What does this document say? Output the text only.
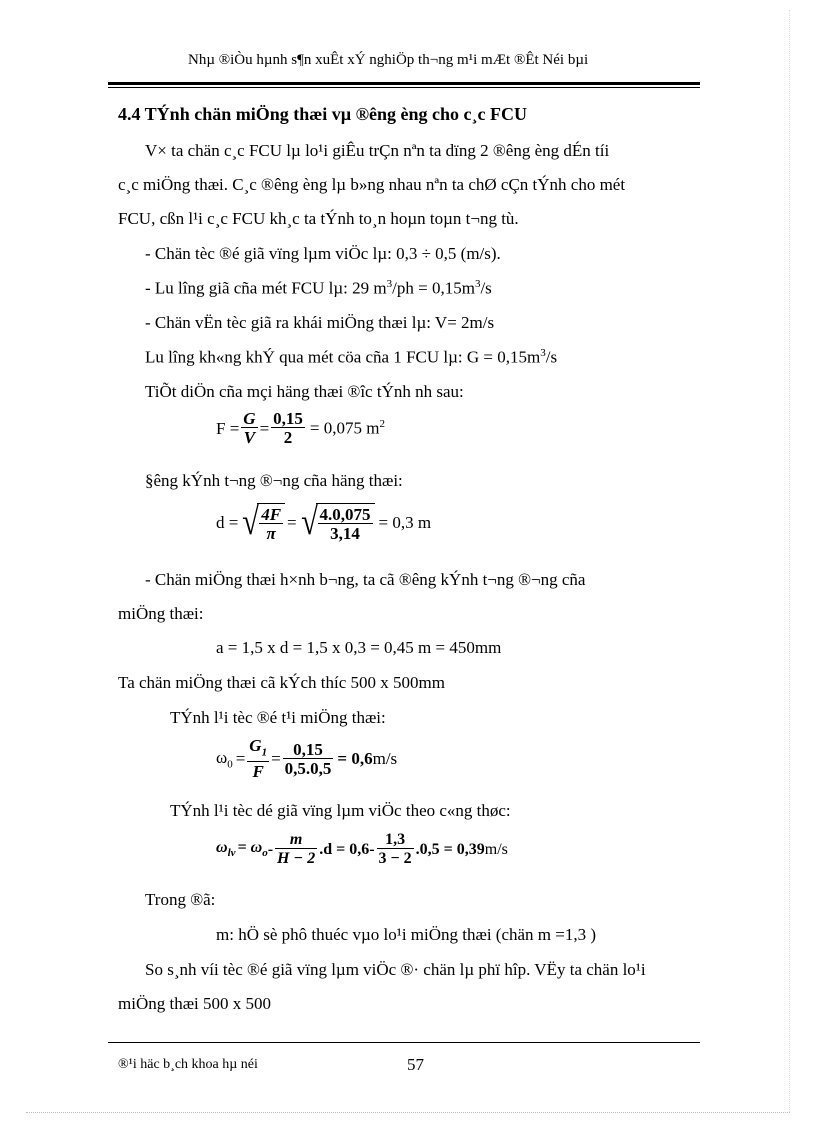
Nhµ ®iÒu hµnh s¶n xuÊt xÝ nghiÖp th¬ng m¹i mÆt ®Êt Néi bµi
4.4 TÝnh chän miÖng thæi vµ ®êng èng cho c¸c FCU
V× ta chän c¸c FCU lµ lo¹i giÊu trÇn nªn ta dïng 2 ®êng èng dÉn tíi
c¸c miÖng thæi. C¸c ®êng èng lµ b»ng nhau nªn ta chØ cÇn tÝnh cho mét
FCU, cßn l¹i c¸c FCU kh¸c ta tÝnh to¸n hoµn toµn t¬ng tù.
- Chän tèc ®é giã vïng lµm viÖc lµ: 0,3 ÷ 0,5 (m/s).
- Lu lîng giã cña mét FCU lµ: 29 $m^3/ph = 0,15m^3/s$
- Chän vËn tèc giã ra khái miÖng thæi lµ: V= 2m/s
Lu lîng kh«ng khÝ qua mét cöa cña 1 FCU lµ: $G = 0,15m^3/s$
TiÕt diÖn cña mçi häng thæi ®îc tÝnh nh sau:
$F = \frac{G}{V} = \frac{0,15}{2} = 0,075$ $m^2$
§êng kÝnh t¬ng ®¬ng cña häng thæi:
d = √ $\frac{4F}{\pi}$ = √ $\frac{4.0,075}{3,14} = 0,3$ m
- Chän miÖng thæi h×nh b¬ng, ta cã ®êng kÝnh t¬ng ®¬ng cña
miÖng thæi:
a = 1,5 x d = 1,5 x 0,3 = 0,45 m = 450mm
Ta chän miÖng thæi cã kÝch thíc 500 x 500mm
TÝnh l¹i tèc ®é t¹i miÖng thæi:
$\omega_0 = \frac{G_1}{F} = \frac{0,15}{0,5.0,5} = 0,6$ m/s
TÝnh l¹i tèc dé giã vïng lµm viÖc theo c«ng thøc:
$\omega_{lv} = \omega_o - \frac{m}{H - 2} .d = 0,6- \frac{1,3}{3 - 2} .0,5 = 0,39$ m/s
Trong ®ã:
m: hÖ sè phô thuéc vµo lo¹i miÖng thæi (chän m =1,3 )
So s¸nh víi tèc ®é giã vïng lµm viÖc ®· chän lµ phï hîp. VËy ta chän lo¹i
miÖng thæi 500 x 500
®¹i häc b¸ch khoa hµ néi	57
